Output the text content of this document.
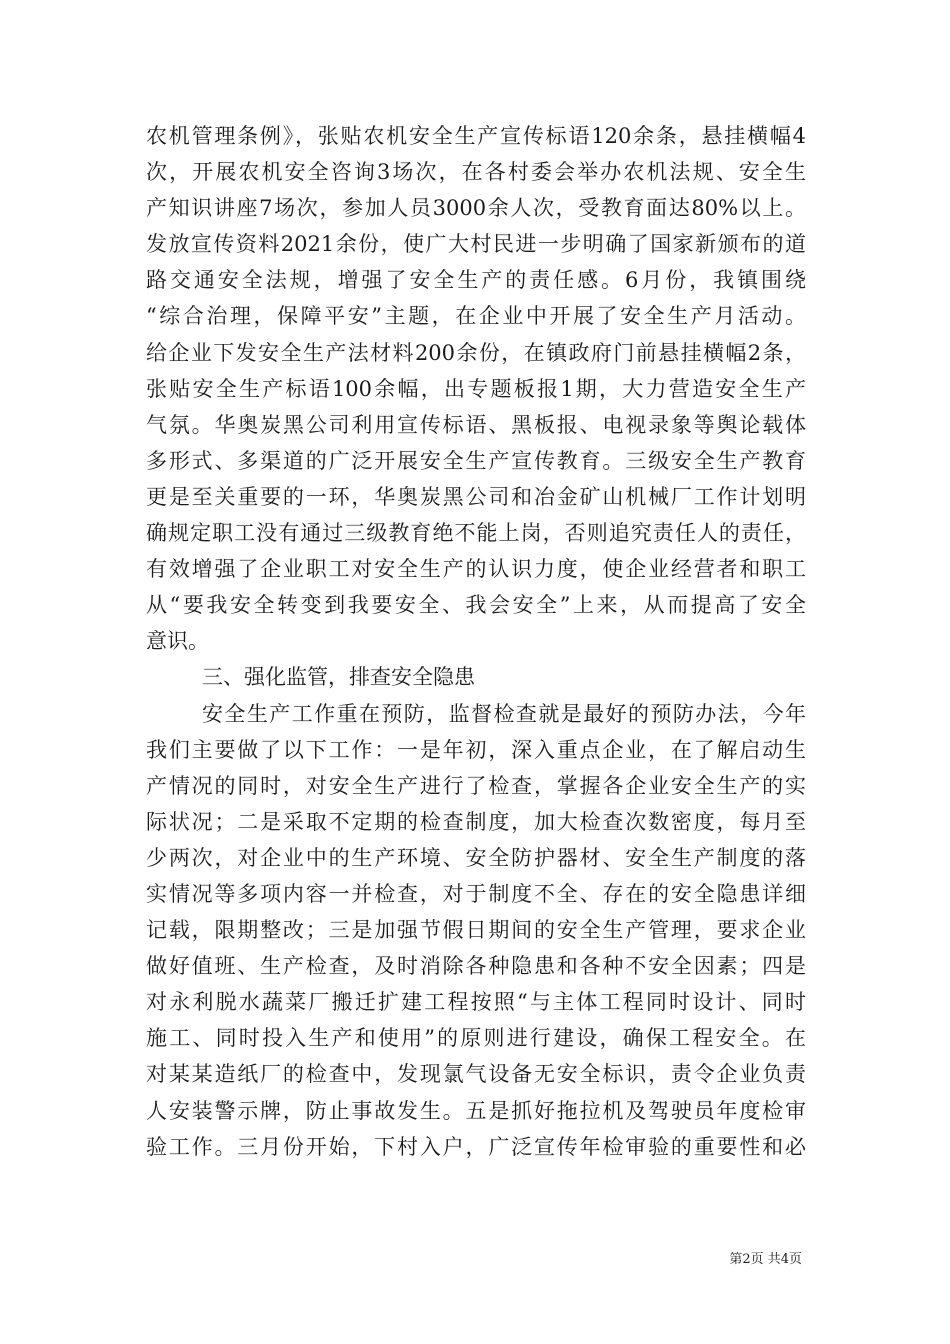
农机管理条例》，张贴农机安全生产宣传标语120余条，悬挂横幅4
次，开展农机安全咨询3场次，在各村委会举办农机法规、安全生
产知识讲座7场次，参加人员3000余人次，受教育面达80%以上。
发放宣传资料2021余份，使广大村民进一步明确了国家新颁布的道
路交通安全法规，增强了安全生产的责任感。6月份，我镇围绕
“综合治理，保障平安”主题，在企业中开展了安全生产月活动。
给企业下发安全生产法材料200余份，在镇政府门前悬挂横幅2条，
张贴安全生产标语100余幅，出专题板报1期，大力营造安全生产
气氛。华奥炭黑公司利用宣传标语、黑板报、电视录象等舆论载体
多形式、多渠道的广泛开展安全生产宣传教育。三级安全生产教育
更是至关重要的一环，华奥炭黑公司和冶金矿山机械厂工作计划明
确规定职工没有通过三级教育绝不能上岗，否则追究责任人的责任，
有效增强了企业职工对安全生产的认识力度，使企业经营者和职工
从“要我安全转变到我要安全、我会安全”上来，从而提高了安全
意识。
三、强化监管，排查安全隐患
安全生产工作重在预防，监督检查就是最好的预防办法，今年
我们主要做了以下工作：一是年初，深入重点企业，在了解启动生
产情况的同时，对安全生产进行了检查，掌握各企业安全生产的实
际状况；二是采取不定期的检查制度，加大检查次数密度，每月至
少两次，对企业中的生产环境、安全防护器材、安全生产制度的落
实情况等多项内容一并检查，对于制度不全、存在的安全隐患详细
记载，限期整改；三是加强节假日期间的安全生产管理，要求企业
做好值班、生产检查，及时消除各种隐患和各种不安全因素；四是
对永利脱水蔬菜厂搬迁扩建工程按照“与主体工程同时设计、同时
施工、同时投入生产和使用”的原则进行建设，确保工程安全。在
对某某造纸厂的检查中，发现氯气设备无安全标识，责令企业负责
人安装警示牌，防止事故发生。五是抓好拖拉机及驾驶员年度检审
验工作。三月份开始，下村入户，广泛宣传年检审验的重要性和必
第2页 共4页
